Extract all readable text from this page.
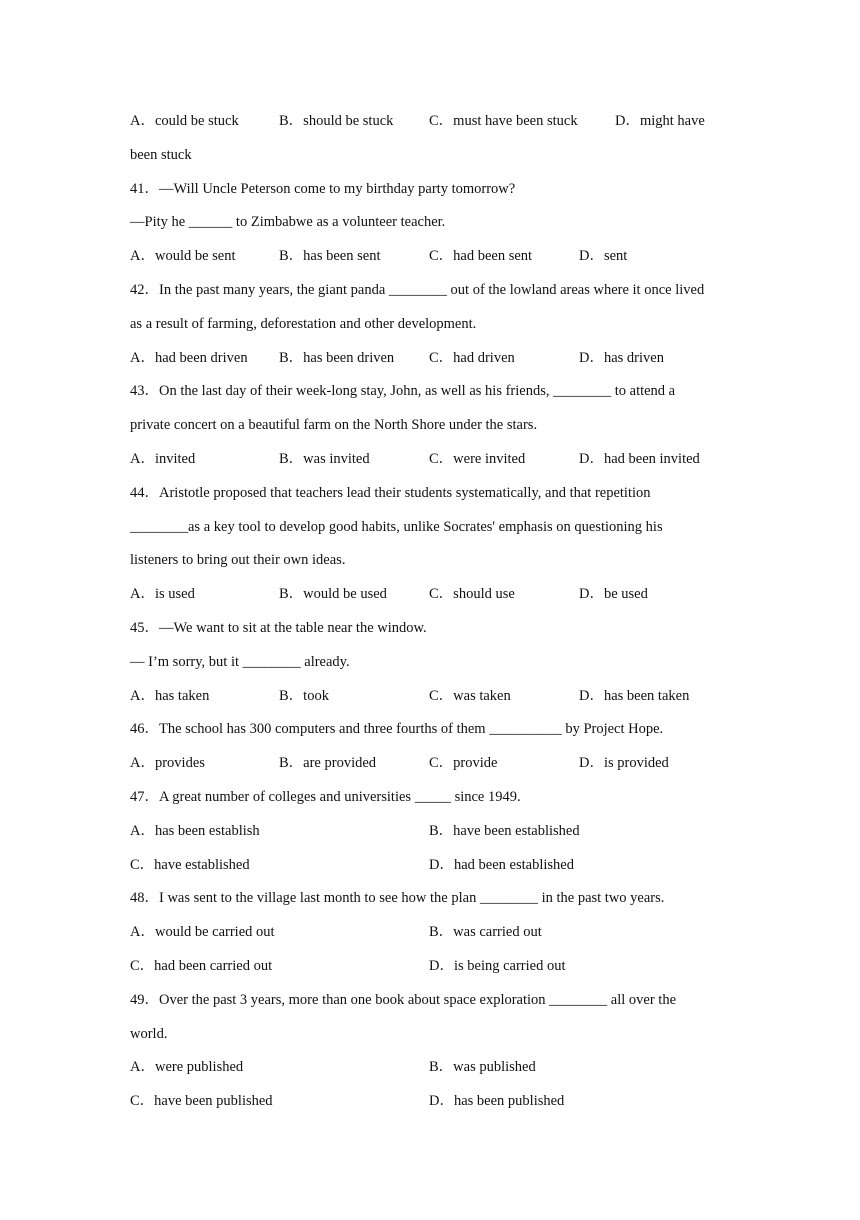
A．could be stuck

	B．should be stuck

C．must have been stuck

	D．might have

been stuck
41．—Will Uncle Peterson come to my birthday party tomorrow?
—Pity he ______ to Zimbabwe as a volunteer teacher.

A．would be sent

	B．has been sent

	C．had been sent

	D．sent

42．In the past many years, the giant panda ________ out of the lowland areas where it once lived
as a result of farming, deforestation and other development.

A．had been driven

B．has been driven

C．had driven

	D．has driven

43．On the last day of their week-long stay, John, as well as his friends, ________ to attend a
private concert on a beautiful farm on the North Shore under the stars.

A．invited

	B．was invited

	C．were invited

	D．had been invited

44．Aristotle proposed that teachers lead their students systematically, and that repetition
________as a key tool to develop good habits, unlike Socrates' emphasis on questioning his
listeners to bring out their own ideas.

A．is used

	B．would be used

	C．should use

	D．be used

45．—We want to sit at the table near the window.
— I’m sorry, but it ________ already.

A．has taken

	B．took

	C．was taken

	D．has been taken

46．The school has 300 computers and three fourths of them __________ by Project Hope.

A．provides

	B．are provided

	C．provide

	D．is provided

47．A great number of colleges and universities _____ since 1949.

A．has been establish

	B．have been established

C．have established

	D．had been established

48．I was sent to the village last month to see how the plan ________ in the past two years.

A．would be carried out

	B．was carried out

C．had been carried out

	D．is being carried out

49．Over the past 3 years, more than one book about space exploration ________ all over the
world.

A．were published

	B．was published

C．have been published

	D．has been published
